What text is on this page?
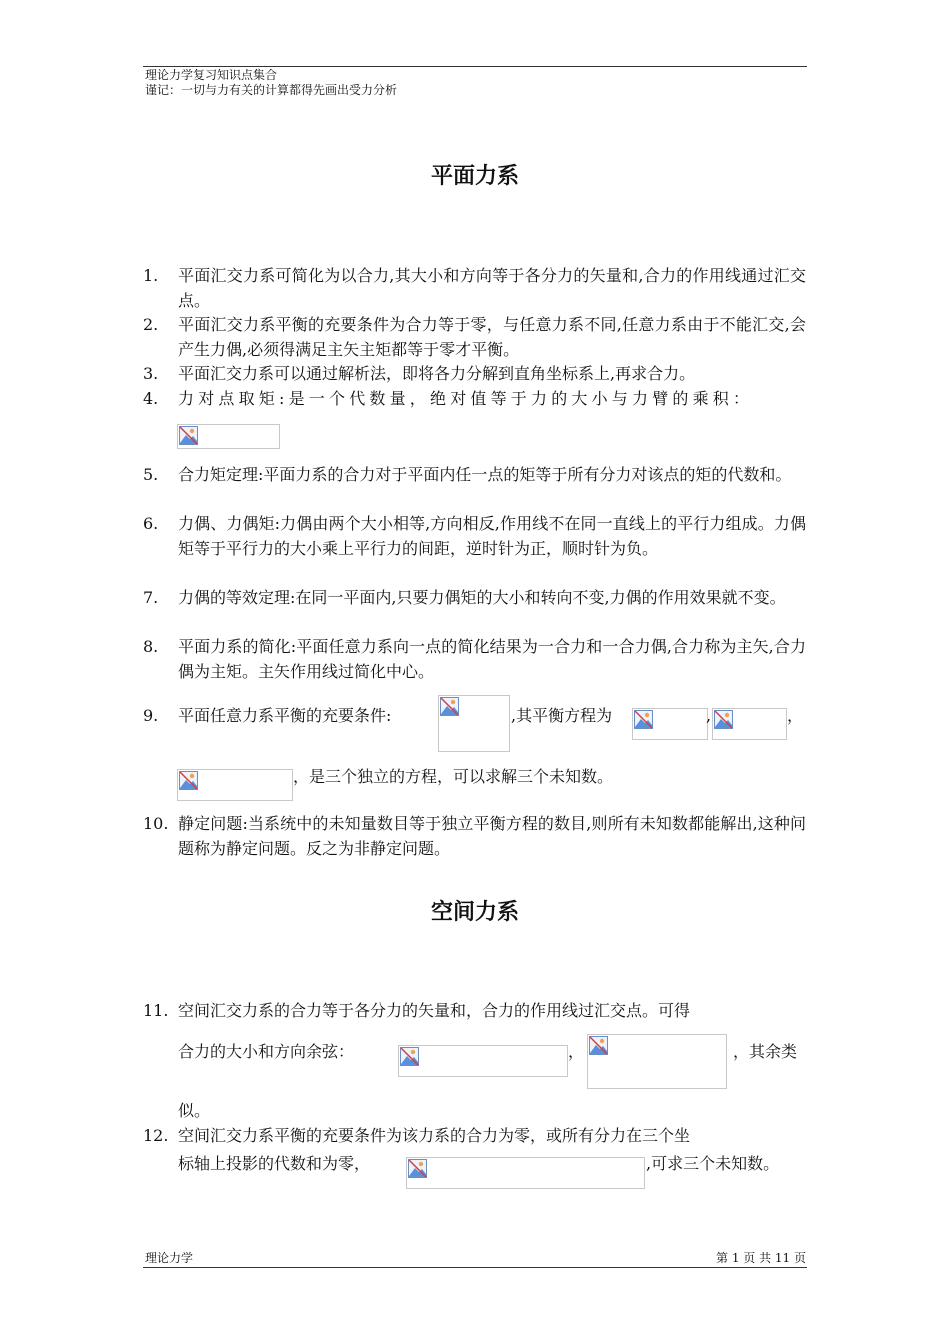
理论力学复习知识点集合
谨记：一切与力有关的计算都得先画出受力分析
平面力系
1. 平面汇交力系可简化为以合力,其大小和方向等于各分力的矢量和,合力的作用线通过汇交点。
2. 平面汇交力系平衡的充要条件为合力等于零，与任意力系不同,任意力系由于不能汇交,会产生力偶,必须得满足主矢主矩都等于零才平衡。
3. 平面汇交力系可以通过解析法，即将各力分解到直角坐标系上,再求合力。
4. 力对点取矩:是一个代数量，绝对值等于力的大小与力臂的乘积：
5. 合力矩定理:平面力系的合力对于平面内任一点的矩等于所有分力对该点的矩的代数和。
6. 力偶、力偶矩:力偶由两个大小相等,方向相反,作用线不在同一直线上的平行力组成。力偶矩等于平行力的大小乘上平行力的间距，逆时针为正，顺时针为负。
7. 力偶的等效定理:在同一平面内,只要力偶矩的大小和转向不变,力偶的作用效果就不变。
8. 平面力系的简化:平面任意力系向一点的简化结果为一合力和一合力偶,合力称为主矢,合力偶为主矩。主矢作用线过简化中心。
9. 平面任意力系平衡的充要条件:	,其平衡方程为	,	，
，是三个独立的方程，可以求解三个未知数。
10. 静定问题:当系统中的未知量数目等于独立平衡方程的数目,则所有未知数都能解出,这种问题称为静定问题。反之为非静定问题。
空间力系
11. 空间汇交力系的合力等于各分力的矢量和，合力的作用线过汇交点。可得
合力的大小和方向余弦：	，	，其余类
似。
12. 空间汇交力系平衡的充要条件为该力系的合力为零，或所有分力在三个坐
标轴上投影的代数和为零，	,可求三个未知数。
理论力学	第 1 页 共 11 页
